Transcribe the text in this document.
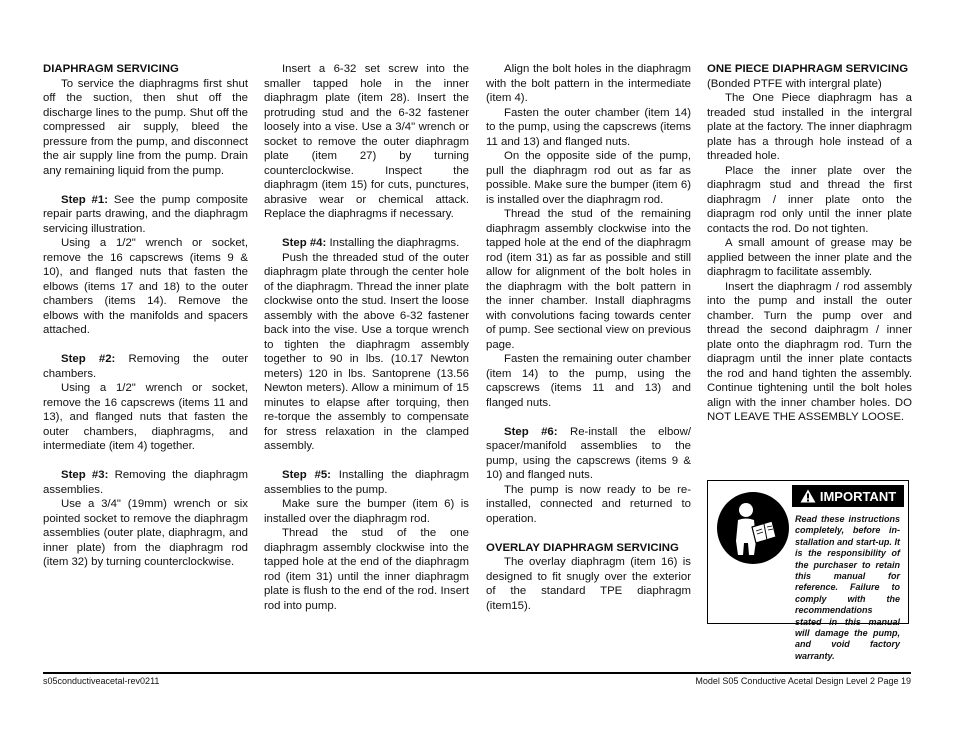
DIAPHRAGM SERVICING

To service the diaphragms first shut off the suction, then shut off the discharge lines to the pump. Shut off the compressed air supply, bleed the pressure from the pump, and disconnect the air supply line from the pump. Drain any remaining liquid from the pump.

Step #1: See the pump composite repair parts drawing, and the diaphragm servicing illustration.

Using a 1/2" wrench or socket, remove the 16 capscrews (items 9 & 10), and flanged nuts that fasten the elbows (items 17 and 18) to the outer chambers (items 14). Remove the elbows with the manifolds and spacers attached.

Step #2: Removing the outer chambers.

Using a 1/2" wrench or socket, remove the 16 capscrews (items 11 and 13), and flanged nuts that fasten the outer chambers, diaphragms, and intermediate (item 4) together.

Step #3: Removing the diaphragm assemblies.

Use a 3/4" (19mm) wrench or six pointed socket to remove the diaphragm assemblies (outer plate, diaphragm, and inner plate) from the diaphragm rod (item 32) by turning counterclockwise.

Insert a 6-32 set screw into the smaller tapped hole in the inner diaphragm plate (item 28). Insert the protruding stud and the 6-32 fastener loosely into a vise. Use a 3/4" wrench or socket to remove the outer diaphragm plate (item 27) by turning counterclockwise. Inspect the diaphragm (item 15) for cuts, punctures, abrasive wear or chemical attack. Replace the diaphragms if necessary.

Step #4: Installing the diaphragms.

Push the threaded stud of the outer diaphragm plate through the center hole of the diaphragm. Thread the inner plate clockwise onto the stud. Insert the loose assembly with the above 6-32 fastener back into the vise. Use a torque wrench to tighten the diaphragm assembly together to 90 in lbs. (10.17 Newton meters) 120 in lbs. Santoprene (13.56 Newton meters). Allow a minimum of 15 minutes to elapse after torquing, then re-torque the assembly to compensate for stress relaxation in the clamped assembly.

Step #5: Installing the diaphragm assemblies to the pump.

Make sure the bumper (item 6) is installed over the diaphragm rod.

Thread the stud of the one diaphragm assembly clockwise into the tapped hole at the end of the diaphragm rod (item 31) until the inner diaphragm plate is flush to the end of the rod. Insert rod into pump.

Align the bolt holes in the diaphragm with the bolt pattern in the intermediate (item 4).

Fasten the outer chamber (item 14) to the pump, using the capscrews (items 11 and 13) and flanged nuts.

On the opposite side of the pump, pull the diaphragm rod out as far as possible. Make sure the bumper (item 6) is installed over the diaphragm rod.

Thread the stud of the remaining diaphragm assembly clockwise into the tapped hole at the end of the diaphragm rod (item 31) as far as possible and still allow for alignment of the bolt holes in the diaphragm with the bolt pattern in the inner chamber. Install diaphragms with convolutions facing towards center of pump. See sectional view on previous page.

Fasten the remaining outer chamber (item 14) to the pump, using the capscrews (items 11 and 13) and flanged nuts.

Step #6: Re-install the elbow/ spacer/manifold assemblies to the pump, using the capscrews (items 9 & 10) and flanged nuts.

The pump is now ready to be re-installed, connected and returned to operation.

OVERLAY DIAPHRAGM SERVICING

The overlay diaphragm (item 16) is designed to fit snugly over the exterior of the standard TPE diaphragm (item15).

ONE PIECE DIAPHRAGM SERVICING

(Bonded PTFE with intergral plate)

The One Piece diaphragm has a treaded stud installed in the intergral plate at the factory. The inner diaphragm plate has a through hole instead of a threaded hole.

Place the inner plate over the diaphragm stud and thread the first diaphragm / inner plate onto the diapragm rod only until the inner plate contacts the rod. Do not tighten.

A small amount of grease may be applied between the inner plate and the diaphragm to facilitate assembly.

Insert the diaphragm / rod assembly into the pump and install the outer chamber. Turn the pump over and thread the second daiphragm / inner plate onto the diaphragm rod. Turn the diapragm until the inner plate contacts the rod and hand tighten the assembly. Continue tightening until the bolt holes align with the inner chamber holes. DO NOT LEAVE THE ASSEMBLY LOOSE.

IMPORTANT

Read these instructions completely, before in-stallation and start-up. It is the responsibility of the purchaser to retain this manual for reference. Failure to comply with the recommendations stated in this manual will damage the pump, and void factory warranty.

s05conductiveacetal-rev0211	Model S05 Conductive Acetal Design Level 2 Page 19
